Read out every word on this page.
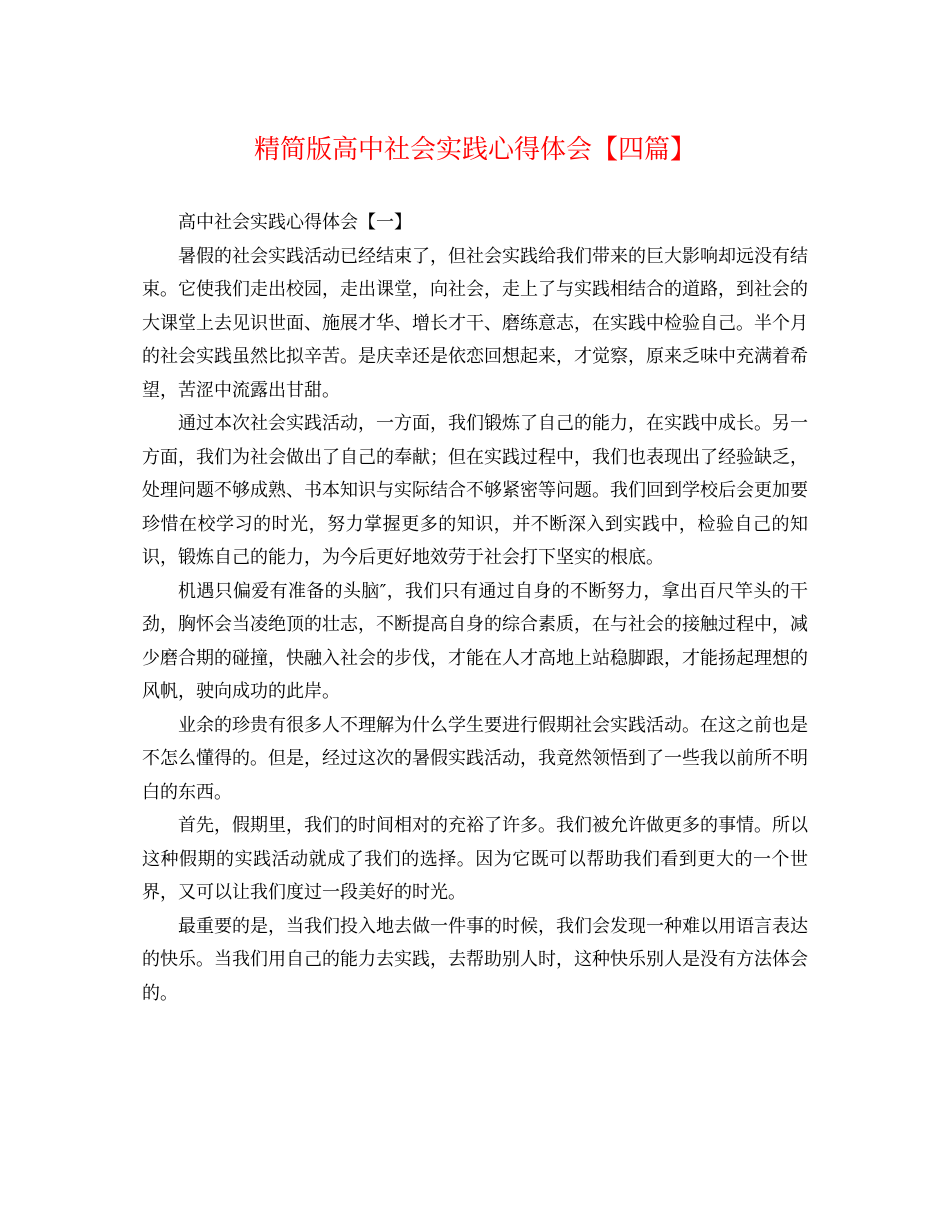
精简版高中社会实践心得体会【四篇】

高中社会实践心得体会【一】

暑假的社会实践活动已经结束了，但社会实践给我们带来的巨大影响却远没有结束。它使我们走出校园，走出课堂，向社会，走上了与实践相结合的道路，到社会的大课堂上去见识世面、施展才华、增长才干、磨练意志，在实践中检验自己。半个月的社会实践虽然比拟辛苦。是庆幸还是依恋回想起来，才觉察，原来乏味中充满着希望，苦涩中流露出甘甜。

通过本次社会实践活动，一方面，我们锻炼了自己的能力，在实践中成长。另一方面，我们为社会做出了自己的奉献；但在实践过程中，我们也表现出了经验缺乏，处理问题不够成熟、书本知识与实际结合不够紧密等问题。我们回到学校后会更加要珍惜在校学习的时光，努力掌握更多的知识，并不断深入到实践中，检验自己的知识，锻炼自己的能力，为今后更好地效劳于社会打下坚实的根底。

机遇只偏爱有准备的头脑″，我们只有通过自身的不断努力，拿出百尺竿头的干劲，胸怀会当凌绝顶的壮志，不断提高自身的综合素质，在与社会的接触过程中，减少磨合期的碰撞，快融入社会的步伐，才能在人才高地上站稳脚跟，才能扬起理想的风帆，驶向成功的此岸。

业余的珍贵有很多人不理解为什么学生要进行假期社会实践活动。在这之前也是不怎么懂得的。但是，经过这次的暑假实践活动，我竟然领悟到了一些我以前所不明白的东西。

首先，假期里，我们的时间相对的充裕了许多。我们被允许做更多的事情。所以这种假期的实践活动就成了我们的选择。因为它既可以帮助我们看到更大的一个世界，又可以让我们度过一段美好的时光。

最重要的是，当我们投入地去做一件事的时候，我们会发现一种难以用语言表达的快乐。当我们用自己的能力去实践，去帮助别人时，这种快乐别人是没有方法体会的。
